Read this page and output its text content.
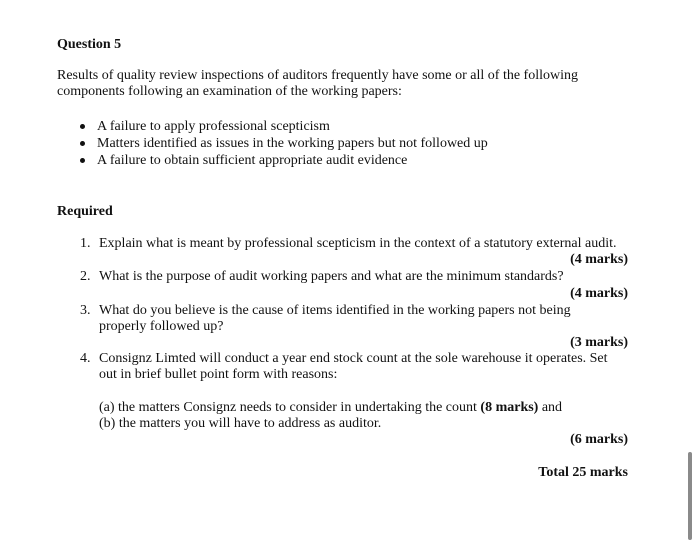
Question 5
Results of quality review inspections of auditors frequently have some or all of the following
components following an examination of the working papers:
A failure to apply professional scepticism
Matters identified as issues in the working papers but not followed up
A failure to obtain sufficient appropriate audit evidence
Required
1. Explain what is meant by professional scepticism in the context of a statutory external audit.
(4 marks)
2. What is the purpose of audit working papers and what are the minimum standards?
(4 marks)
3. What do you believe is the cause of items identified in the working papers not being
properly followed up?
(3 marks)
4. Consignz Limted will conduct a year end stock count at the sole warehouse it operates. Set
out in brief bullet point form with reasons:
(a) the matters Consignz needs to consider in undertaking the count (8 marks) and
(b) the matters you will have to address as auditor.
(6 marks)
Total 25 marks
